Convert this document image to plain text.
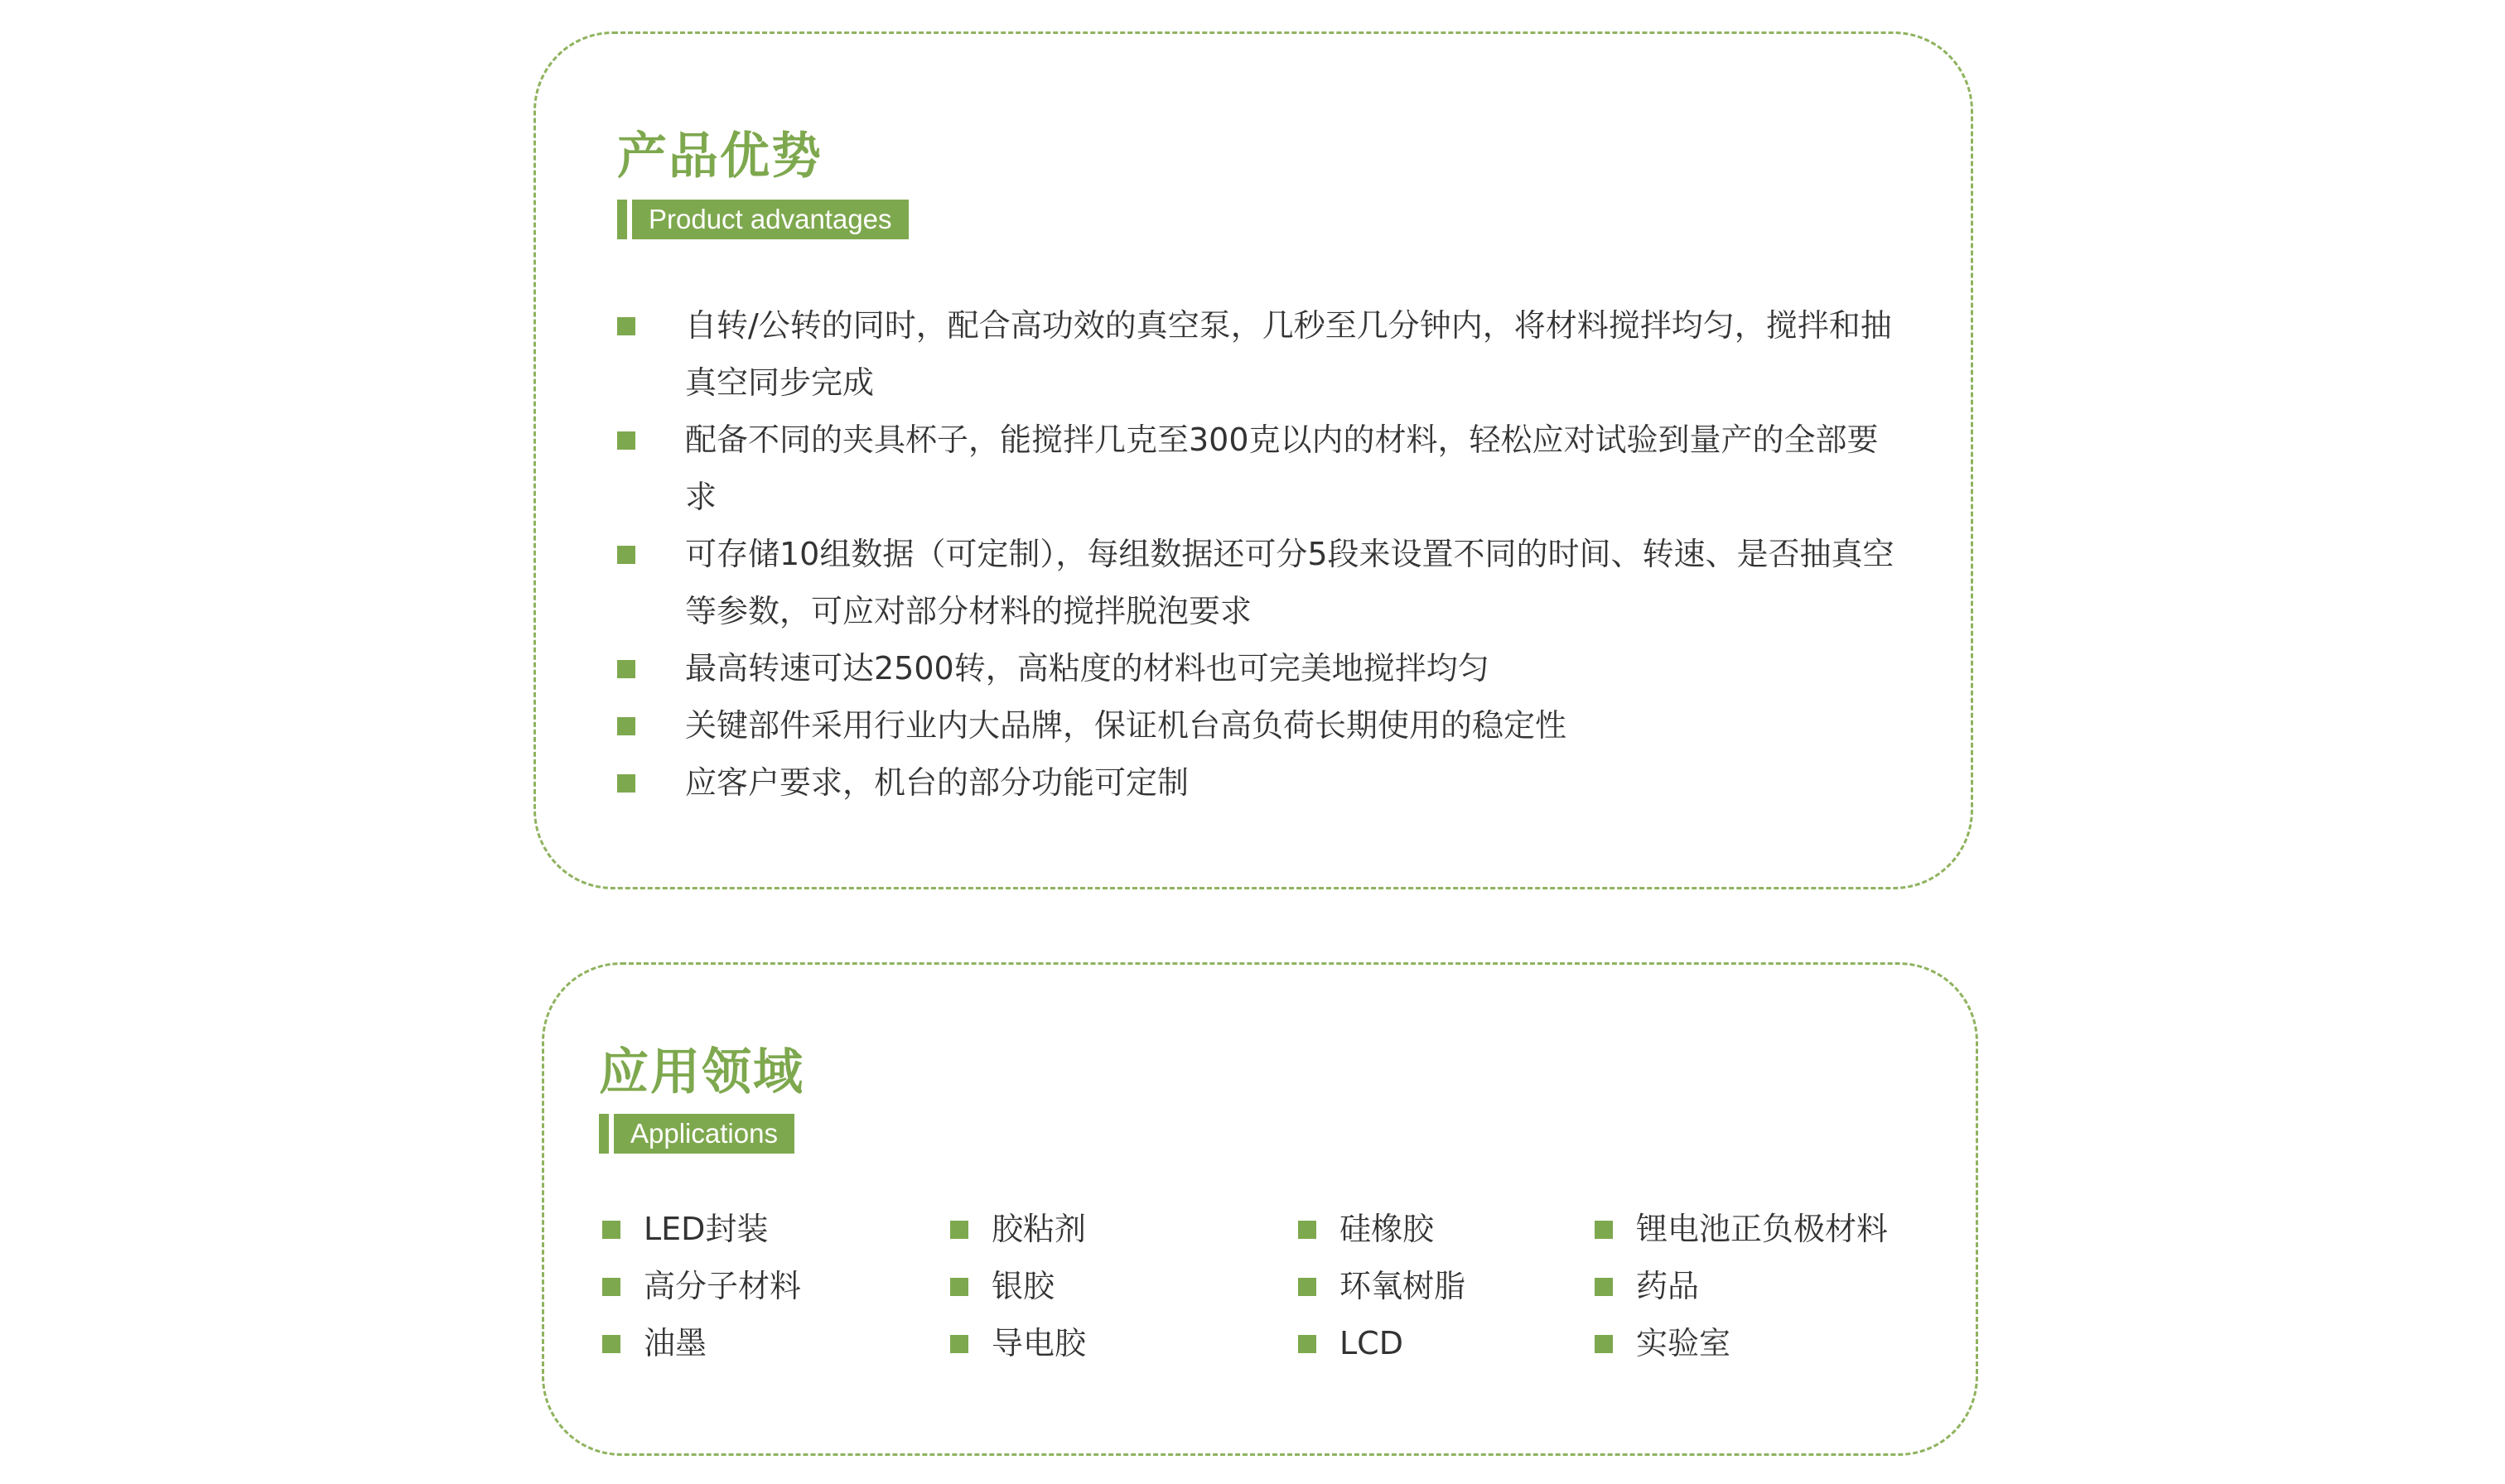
产品优势
Product advantages
自转/公转的同时，配合高功效的真空泵，几秒至几分钟内，将材料搅拌均匀，搅拌和抽真空同步完成
配备不同的夹具杯子，能搅拌几克至300克以内的材料，轻松应对试验到量产的全部要求
可存储10组数据（可定制），每组数据还可分5段来设置不同的时间、转速、是否抽真空等参数，可应对部分材料的搅拌脱泡要求
最高转速可达2500转，高粘度的材料也可完美地搅拌均匀
关键部件采用行业内大品牌，保证机台高负荷长期使用的稳定性
应客户要求，机台的部分功能可定制
应用领域
Applications
LED封装	胶粘剂	硅橡胶	锂电池正负极材料
高分子材料	银胶	环氧树脂	药品
油墨	导电胶	LCD	实验室
